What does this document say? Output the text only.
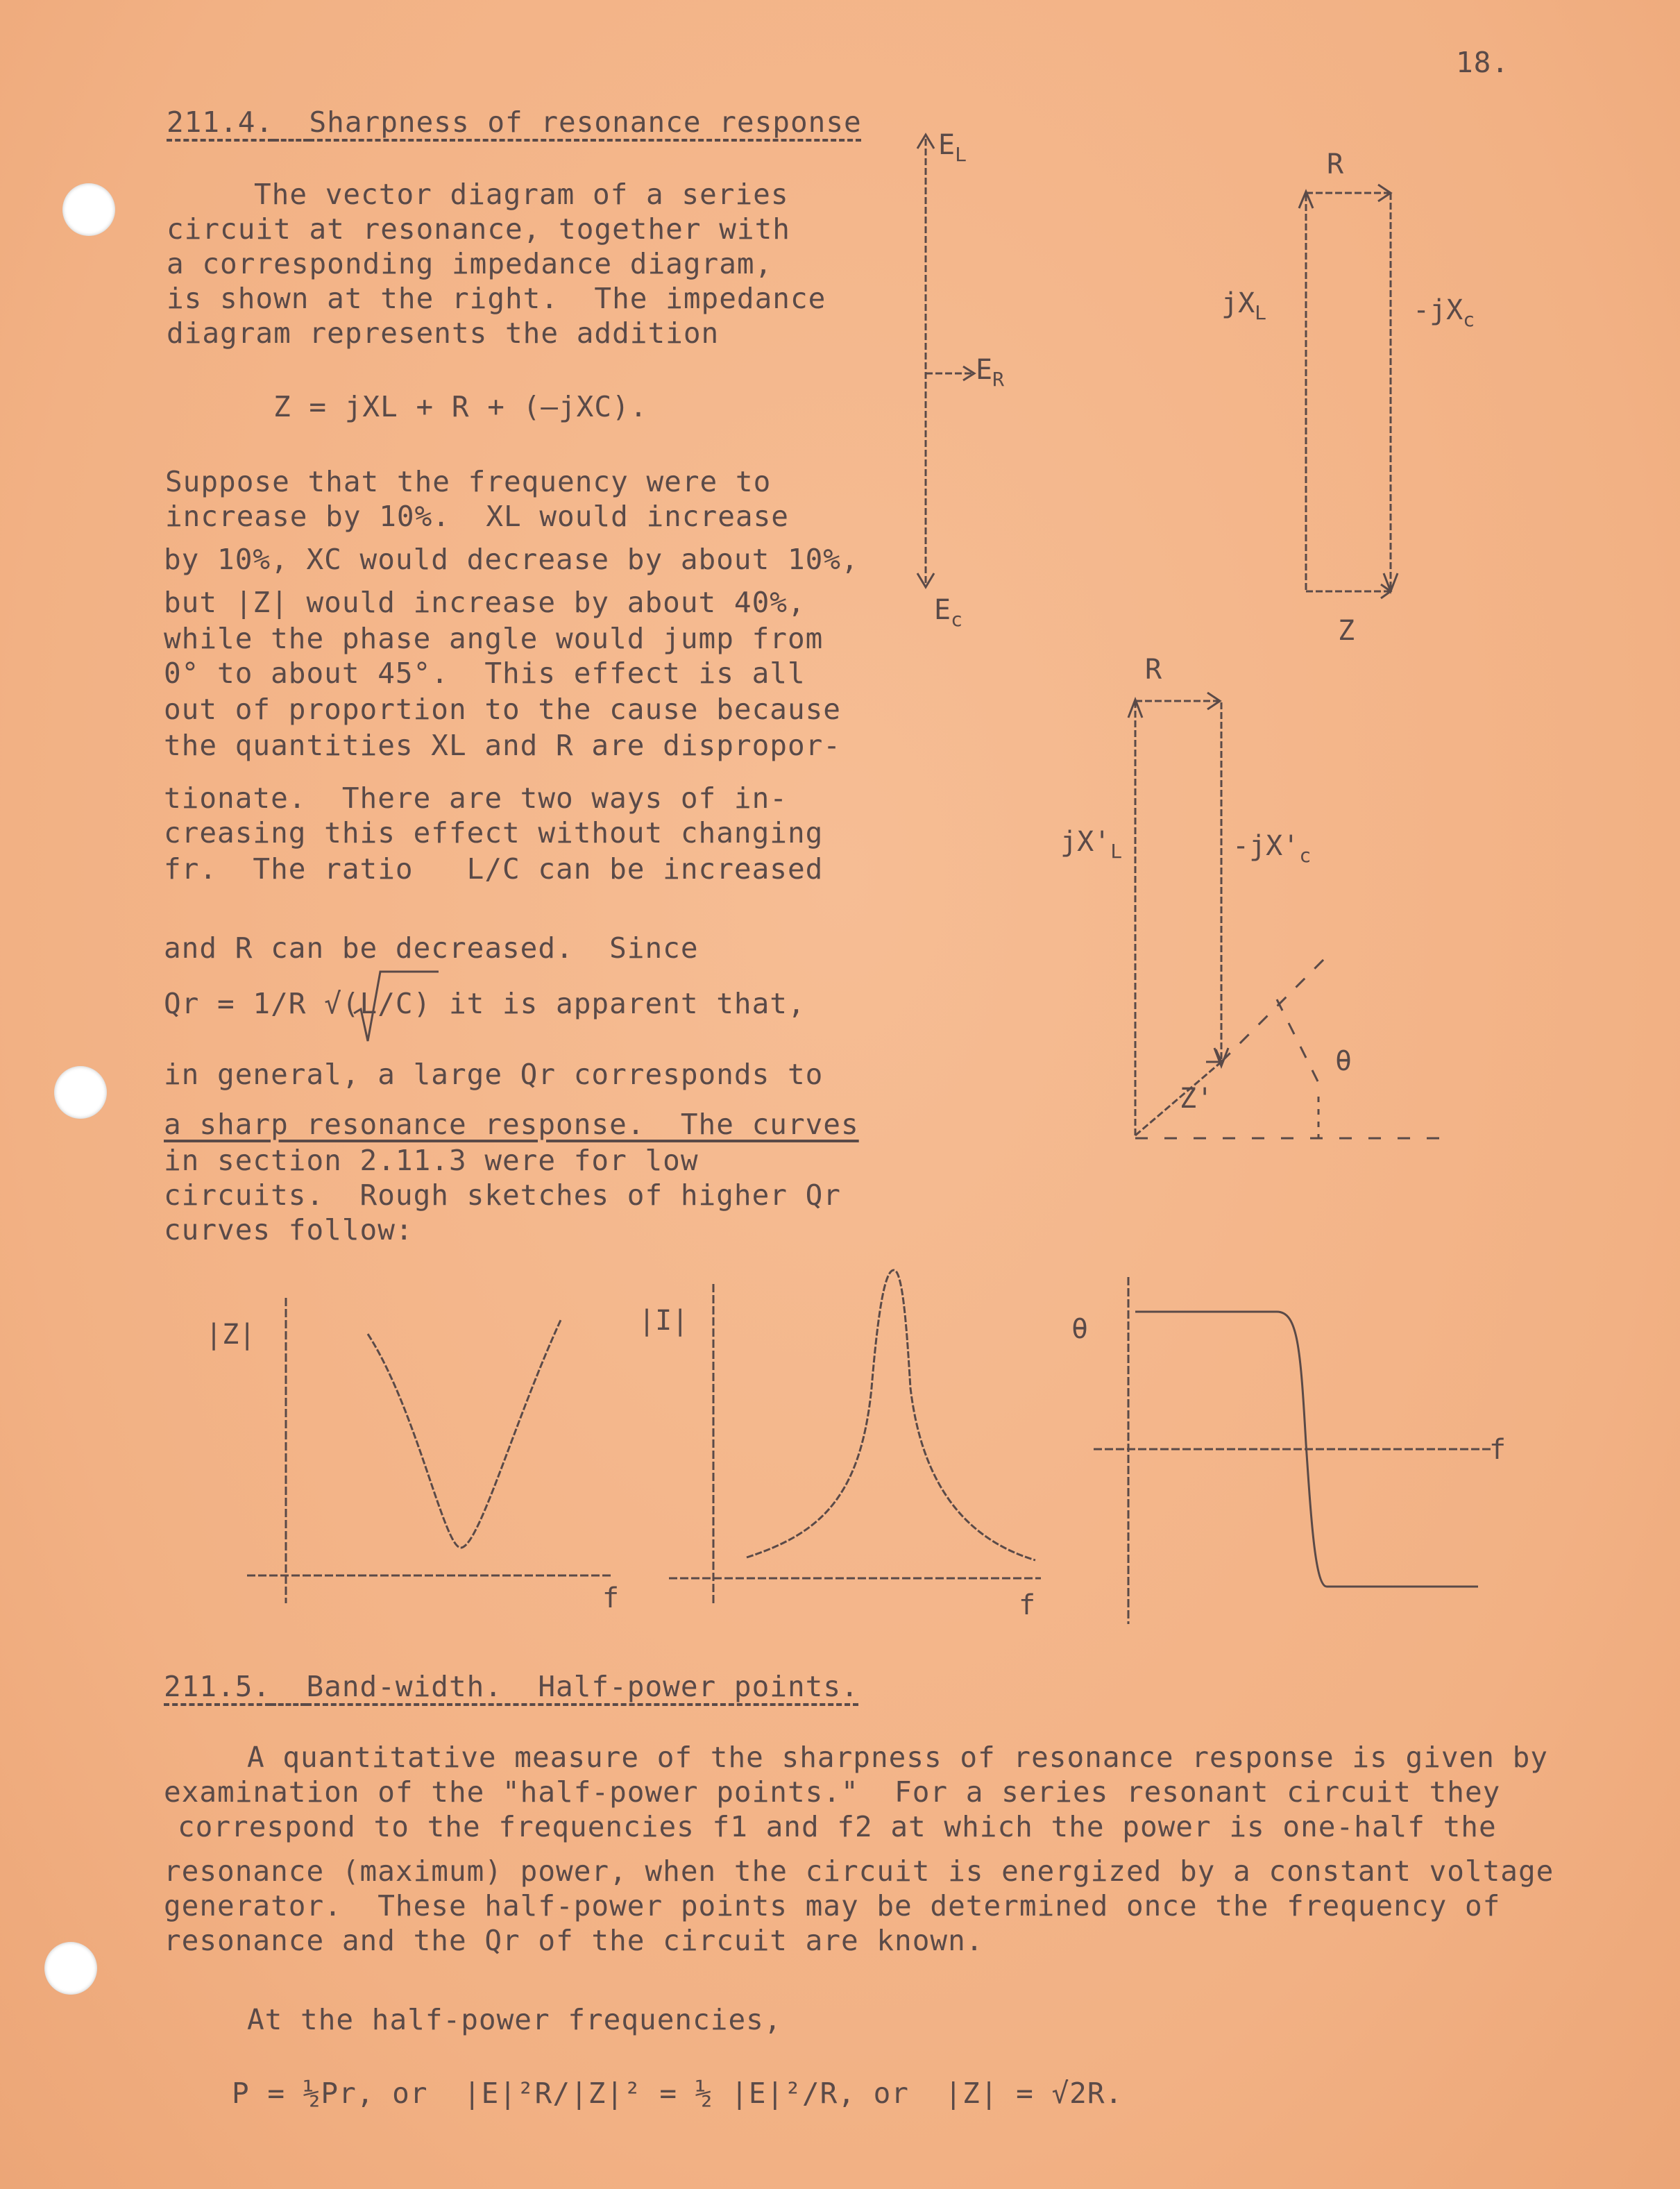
18.
211.4. Sharpness of resonance response
The vector diagram of a series
circuit at resonance, together with
a corresponding impedance diagram,
is shown at the right.  The impedance
diagram represents the addition
Z = jXL + R + (—jXC).
Suppose that the frequency were to
increase by 10%.  XL would increase
by 10%, XC would decrease by about 10%,
but |Z| would increase by about 40%,
while the phase angle would jump from
0° to about 45°.  This effect is all
out of proportion to the cause because
the quantities XL and R are dispropor-
tionate.  There are two ways of in-
creasing this effect without changing
fr.  The ratio   L/C can be increased
and R can be decreased.  Since
Qr = 1/R √(L/C) it is apparent that,
in general, a large Qr corresponds to
a sharp resonance response.  The curves
in section 2.11.3 were for low
circuits.  Rough sketches of higher Qr
curves follow:
$E_L$
$E_R$
$E_c$
R
$jX_L$	$-jX_c$
Z
R
$jX'_L$	$-jX'_c$
Z'
θ
|Z|
f
|I|
f
θ
f
211.5. Band-width.  Half-power points.
A quantitative measure of the sharpness of resonance response is given by
examination of the "half-power points."  For a series resonant circuit they
correspond to the frequencies f1 and f2 at which the power is one-half the
resonance (maximum) power, when the circuit is energized by a constant voltage
generator.  These half-power points may be determined once the frequency of
resonance and the Qr of the circuit are known.
At the half-power frequencies,
P = ½Pr, or  |E|²R/|Z|² = ½ |E|²/R, or  |Z| = √2R.
